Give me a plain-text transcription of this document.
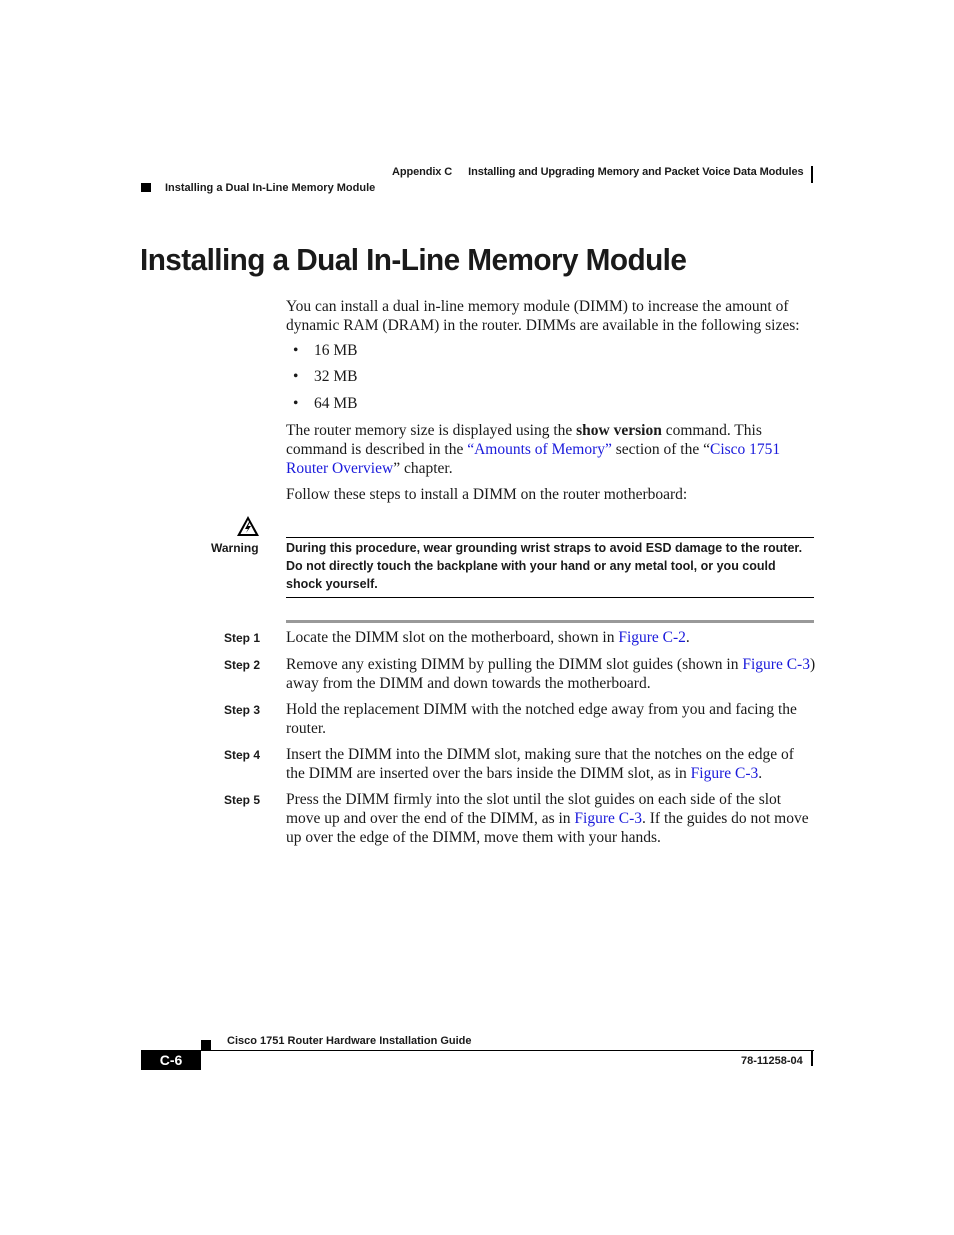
Appendix C Installing and Upgrading Memory and Packet Voice Data Modules
Installing a Dual In-Line Memory Module
Installing a Dual In-Line Memory Module
You can install a dual in-line memory module (DIMM) to increase the amount of dynamic RAM (DRAM) in the router. DIMMs are available in the following sizes:
• 16 MB
• 32 MB
• 64 MB
The router memory size is displayed using the show version command. This command is described in the “Amounts of Memory” section of the “Cisco 1751 Router Overview” chapter.
Follow these steps to install a DIMM on the router motherboard:
Warning During this procedure, wear grounding wrist straps to avoid ESD damage to the router. Do not directly touch the backplane with your hand or any metal tool, or you could shock yourself.
Step 1 Locate the DIMM slot on the motherboard, shown in Figure C-2.
Step 2 Remove any existing DIMM by pulling the DIMM slot guides (shown in Figure C-3) away from the DIMM and down towards the motherboard.
Step 3 Hold the replacement DIMM with the notched edge away from you and facing the router.
Step 4 Insert the DIMM into the DIMM slot, making sure that the notches on the edge of the DIMM are inserted over the bars inside the DIMM slot, as in Figure C-3.
Step 5 Press the DIMM firmly into the slot until the slot guides on each side of the slot move up and over the end of the DIMM, as in Figure C-3. If the guides do not move up over the edge of the DIMM, move them with your hands.
Cisco 1751 Router Hardware Installation Guide
C-6	78-11258-04
